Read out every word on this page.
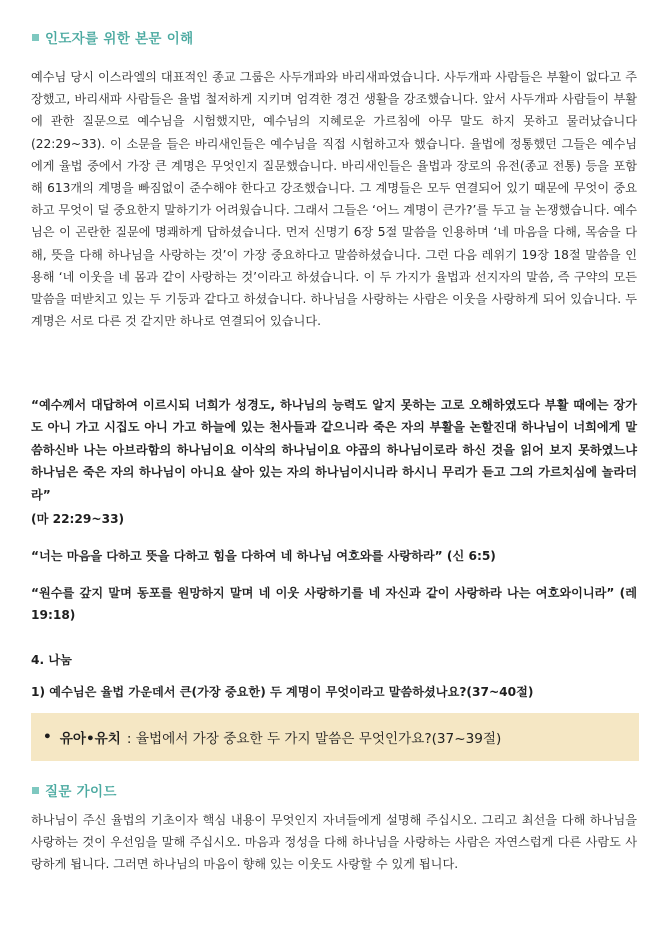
인도자를 위한 본문 이해

예수님 당시 이스라엘의 대표적인 종교 그룹은 사두개파와 바리새파였습니다. 사두개파 사람들은 부활이 없다고 주장했고, 바리새파 사람들은 율법 철저하게 지키며 엄격한 경건 생활을 강조했습니다. 앞서 사두개파 사람들이 부활에 관한 질문으로 예수님을 시험했지만, 예수님의 지혜로운 가르침에 아무 말도 하지 못하고 물러났습니다(22:29~33). 이 소문을 들은 바리새인들은 예수님을 직접 시험하고자 했습니다. 율법에 정통했던 그들은 예수님에게 율법 중에서 가장 큰 계명은 무엇인지 질문했습니다. 바리새인들은 율법과 장로의 유전(종교 전통) 등을 포함해 613개의 계명을 빠짐없이 준수해야 한다고 강조했습니다. 그 계명들은 모두 연결되어 있기 때문에 무엇이 중요하고 무엇이 덜 중요한지 말하기가 어려웠습니다. 그래서 그들은 ‘어느 계명이 큰가?’를 두고 늘 논쟁했습니다. 예수님은 이 곤란한 질문에 명쾌하게 답하셨습니다. 먼저 신명기 6장 5절 말씀을 인용하며 ‘네 마음을 다해, 목숨을 다해, 뜻을 다해 하나님을 사랑하는 것’이 가장 중요하다고 말씀하셨습니다. 그런 다음 레위기 19장 18절 말씀을 인용해 ‘네 이웃을 네 몸과 같이 사랑하는 것’이라고 하셨습니다. 이 두 가지가 율법과 선지자의 말씀, 즉 구약의 모든 말씀을 떠받치고 있는 두 기둥과 같다고 하셨습니다. 하나님을 사랑하는 사람은 이웃을 사랑하게 되어 있습니다. 두 계명은 서로 다른 것 같지만 하나로 연결되어 있습니다.

“예수께서 대답하여 이르시되 너희가 성경도, 하나님의 능력도 알지 못하는 고로 오해하였도다 부활 때에는 장가도 아니 가고 시집도 아니 가고 하늘에 있는 천사들과 같으니라 죽은 자의 부활을 논할진대 하나님이 너희에게 말씀하신바 나는 아브라함의 하나님이요 이삭의 하나님이요 야곱의 하나님이로라 하신 것을 읽어 보지 못하였느냐 하나님은 죽은 자의 하나님이 아니요 살아 있는 자의 하나님이시니라 하시니 무리가 듣고 그의 가르치심에 놀라더라”

(마 22:29~33)

“너는 마음을 다하고 뜻을 다하고 힘을 다하여 네 하나님 여호와를 사랑하라” (신 6:5)

“원수를 갚지 말며 동포를 원망하지 말며 네 이웃 사랑하기를 네 자신과 같이 사랑하라 나는 여호와이니라” (레 19:18)

4. 나눔

1) 예수님은 율법 가운데서 큰(가장 중요한) 두 계명이 무엇이라고 말씀하셨나요?(37~40절)

• 유아•유치 : 율법에서 가장 중요한 두 가지 말씀은 무엇인가요?(37~39절)
질문 가이드

하나님이 주신 율법의 기초이자 핵심 내용이 무엇인지 자녀들에게 설명해 주십시오. 그리고 최선을 다해 하나님을 사랑하는 것이 우선임을 말해 주십시오. 마음과 정성을 다해 하나님을 사랑하는 사람은 자연스럽게 다른 사람도 사랑하게 됩니다. 그러면 하나님의 마음이 향해 있는 이웃도 사랑할 수 있게 됩니다.
